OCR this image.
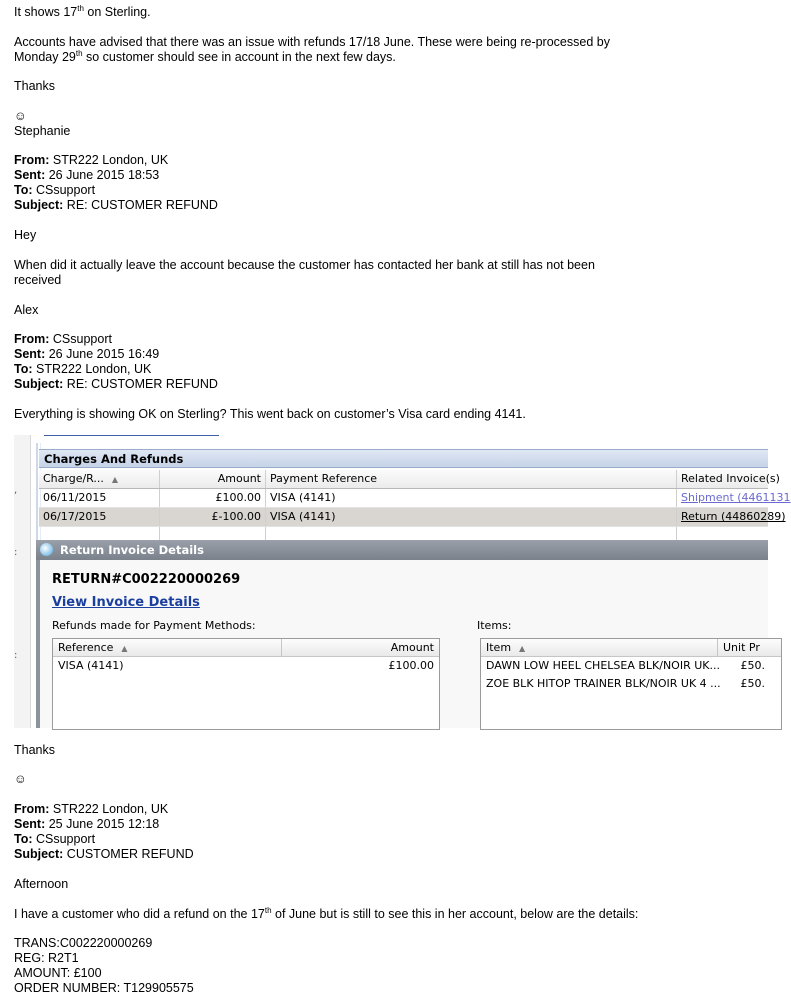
It shows 17th on Sterling.
Accounts have advised that there was an issue with refunds 17/18 June. These were being re-processed by
Monday 29th so customer should see in account in the next few days.
Thanks
☺
Stephanie
From: STR222 London, UK
Sent: 26 June 2015 18:53
To: CSsupport
Subject: RE: CUSTOMER REFUND
Hey
When did it actually leave the account because the customer has contacted her bank at still has not been
received
Alex
From: CSsupport
Sent: 26 June 2015 16:49
To: STR222 London, UK
Subject: RE: CUSTOMER REFUND
Everything is showing OK on Sterling? This went back on customer’s Visa card ending 4141.
,
:
:
Charges And Refunds
Charge/R... ▲	Amount Payment Reference	Related Invoice(s)
06/11/2015	£100.00 VISA (4141)	Shipment (4461131
06/17/2015	£-100.00 VISA (4141)	Return (44860289)
Return Invoice Details
RETURN#C002220000269
View Invoice Details
Refunds made for Payment Methods:	Items:
Reference ▲	Amount
VISA (4141)	£100.00
Item ▲	Unit Pr
DAWN LOW HEEL CHELSEA BLK/NOIR UK...	£50.
ZOE BLK HITOP TRAINER BLK/NOIR UK 4 ...	£50.
Thanks
☺
From: STR222 London, UK
Sent: 25 June 2015 12:18
To: CSsupport
Subject: CUSTOMER REFUND
Afternoon
I have a customer who did a refund on the 17th of June but is still to see this in her account, below are the details:
TRANS:C002220000269
REG: R2T1
AMOUNT: £100
ORDER NUMBER: T129905575
